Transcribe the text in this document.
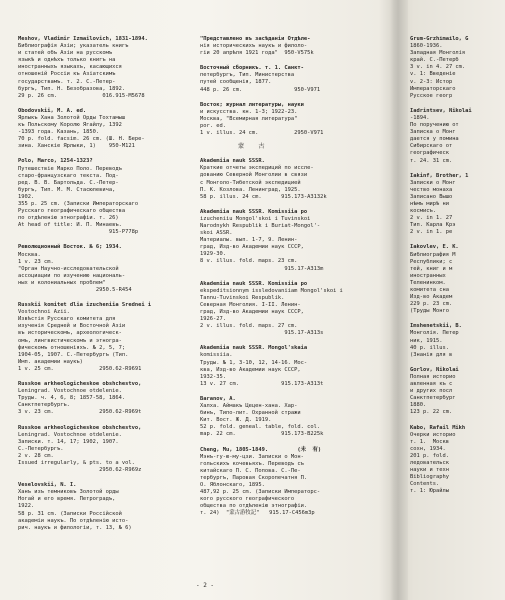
Meshov, Vladimir Izmailovich, 1831-1894.
Библиографія Азіи; указатель книгъ
и статей объ Азіи на русскомъ
языкѣ и однѣхъ только книгъ на
иностранныхъ языкахъ, касающихся
отношеній Россіи къ Азіатскимъ
государствамъ. т. 2. С.-Петер-
бургъ, Тип. Н. Безобразова, 1892.
29 p. 26 cm.              016.915-M5678
Obodovskii, M. A. ed.
Ярлыкъ Хана Золотой Орды Тохтамыш
къ Польскому Королю Ягайлу, 1392
-1393 года. Казань, 1850.
70 p. fold. facsim. 26 cm. (Ш. Н. Бере-
зина. Ханскіе Ярлыки, 1)    950-M121
Polo, Marco, 1254-1323?
Путешествіе Марко Поло. Переводъ
старо-французскаго текста. Под-
ред. В. В. Бартольда. С.-Петер-
бургъ, Тип. М. М. Стасюлевича,
1902.
355 p. 25 cm. (Записки Императорскаго
Русскаго географическаго общества
по отдѣленію этнографіи. т. 26)
At head of title: И. П. Минаевъ.
915-P778p
Революционный Восток. № 6; 1934.
Москва.
1 v. 23 cm.
"Орган Научно-исследовательской
ассоциации по изучению националь-
ных и колониальных проблем"
2950.5-R454
Russkii komitet dlia izucheniia Srednei i
Vostochnoi Azii.
Извѣстія Русскаго комитета для
изученія Средней и Восточной Азіи
въ историческомъ, археологическ-
омъ, лингвистическомъ и этногра-
фическомъ отношеніяхъ. № 2, 5, 7;
1904-05, 1907. С.-Петербургъ (Тип.
Имп. академии наукъ)
1 v. 25 cm.              2950.62-R9691
Russkoe arkheologicheskoe obshchestvo,
Leningrad. Vostochnoe otdelenie.
Труды. ч. 4, 6, 8; 1857-58, 1864.
Санктпетербургъ.
3 v. 23 cm.              2950.62-R969t
Russkoe arkheologicheskoe obshchestvo,
Leningrad. Vostochnoe otdelenie.
Записки. т. 14, 17; 1902, 1907.
С.-Петербургъ.
2 v. 28 cm.
Issued irregularly, & pts. to a vol.
2950.62-R969z
Veselovskii, N. I.
Ханъ изъ темниковъ Золотой орды
Ногай и его время. Петроградъ,
1922.
58 p. 31 cm. (Записки Россійской
академіи наукъ. По отдѣленію исто-
рич. наукъ и филологіи, т. 13, № 6)
"Представлено въ засѣданіи Отдѣле-
нія историческихъ наукъ и филоло-
гіи 20 апрѣля 1921 года"  950-V575k
Восточный сборникъ. т. 1. Санкт-
петербургъ, Тип. Министерства
путей сообщенія, 1877.
448 p. 26 cm.                950-V971
Восток; журнал литературы, науки
и искусства. кн. 1-3; 1922-23.
Москва, "Всемирная литература"
por. ed.
1 v. illus. 24 cm.           2950-V971
蒙    古
Akademiia nauk SSSR.
Краткие отчеты экспедиций по иссле-
дованию Северной Монголии в связи
с Монголо-Тибетской экспедицией
П. К. Козлова. Ленинград, 1925.
58 p. illus. 24 cm.      915.173-A3132k
Akademiia nauk SSSR. Komissiia po
izucheniiu Mongol'skoi i Tuvinskoi
Narodnykh Respublik i Buriat-Mongol'-
skoi ASSR.
Материалы. вып. 1-7, 9. Ленин-
град, Изд-во Академии наук СССР,
1929-30.
8 v. illus. fold. maps. 23 cm.
915.17-A313m
Akademiia nauk SSSR. Komissiia po
ekspeditsionnym issledovaniiam Mongol'skoi i
Tannu-Tuvinskoi Respublik.
Северная Монголия. I-II. Ленин-
град, Изд-во Академии наук СССР,
1926-27.
2 v. illus. fold. maps. 27 cm.
915.17-A313s
Akademiia nauk SSSR. Mongol'skaia
komissiia.
Труды. № 1, 3-10, 12, 14-16. Мос-
ква, Изд-во Академии наук СССР,
1932-35.
13 v. 27 cm.             915.173-A313t
Baranov, A.
Халха. Аймакъ Цецен-хана. Хар-
бинъ, Типо-лит. Охранной стражи
Кит. Вост. Ж. Д. 1919.
52 p. fold. geneal. table, fold. col.
map. 22 cm.              915.173-B225k
Cheng, Mu, 1805-1849.         (未  有)
Мэнъ-гу-ю-му-цзи. Записки о Мон-
гольскихъ кочевьяхъ. Переводъ съ
китайскаго П. С. Попова. С.-Пе-
тербургъ, Паровая Скоропечатня П.
О. Яблонскаго, 1895.
487,92 p. 25 cm. (Записки Императорс-
кого русского географического
общества по отдѣленію этнографіи.
т. 24)  "蒙古游牧記"   915.17-C456m3p
Grum-Grzhimailo, G
1860-1936.
Западная Монголія
край. С.-Петерб
3 v. in 4. 27 cm.
v. 1: Введеніе
v. 2-3: Истор
Императорскаго
Русское геогр
Iadrintsev, Nikolai
-1894.
По поручению от
Записка о Монг
дается у помина
Сибирскаго от
географическ
т. 24. 31 cm.
Iakinf, Brother, 1
Записки о Монг
чество монаха
Записано Вышо
нѣмъ мирѣ ни
космисъ.
2 v. in 1. 27
Тип. Карла Крэ
2 v. in 1. pe
Iakovlev, E. K.
Библиография М
Республики; с
тей, книг и м
иностранных
Теленинком.
комитета сна
Изд-во Академ
229 p. 23 cm.
(Труды Монго
Imshenetskii, B.
Монголія. Петер
ник, 1915.
40 p. illus.
(Знанія для в
Gorlov, Nikolai
Полная историо
авленная къ с
и других посл
Санктпетербург
1880.
123 p. 22 cm.
Kabo, Rafail Mikh
Очерки историо
т. 1.  Москв
сохн, 1934.
201 p. fold.
ледовательск
науки и техн
Bibliography
Contents.
т. 1: Юрайлы
- 2 -
